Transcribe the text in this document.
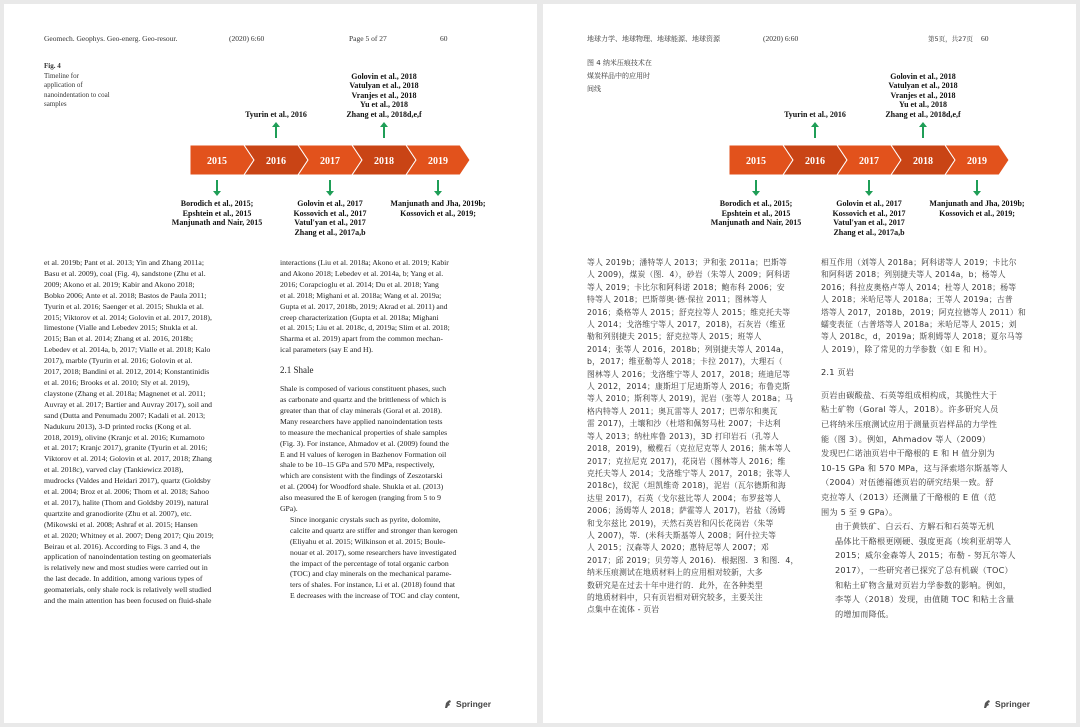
Geomech. Geophys. Geo-energ. Geo-resour.	(2020) 6:60	Page 5 of 27	60
Fig. 4
Timeline for
application of
nanoindentation to coal
samples
2015	2016	2017	2018	2019
Tyurin et al., 2016
Golovin et al., 2018
Vatulyan et al., 2018
Vranjes et al., 2018
Yu et al., 2018
Zhang et al., 2018d,e,f
Borodich et al., 2015;
Epshtein et al., 2015
Manjunath and Nair, 2015
Golovin et al., 2017
Kossovich et al., 2017
Vatul'yan et al., 2017
Zhang et al., 2017a,b
Manjunath and Jha, 2019b;
Kossovich et al., 2019;
et al. 2019b; Pant et al. 2013; Yin and Zhang 2011a;
Basu et al. 2009), coal (Fig. 4), sandstone (Zhu et al.
2009; Akono et al. 2019; Kabir and Akono 2018;
Bobko 2006; Ante et al. 2018; Bastos de Paula 2011;
Tyurin et al. 2016; Saenger et al. 2015; Shukla et al.
2015; Viktorov et al. 2014; Golovin et al. 2017, 2018),
limestone (Vialle and Lebedev 2015; Shukla et al.
2015; Ban et al. 2014; Zhang et al. 2016, 2018b;
Lebedev et al. 2014a, b, 2017; Vialle et al. 2018; Kalo
2017), marble (Tyurin et al. 2016; Golovin et al.
2017, 2018; Bandini et al. 2012, 2014; Konstantinidis
et al. 2016; Brooks et al. 2010; Sly et al. 2019),
claystone (Zhang et al. 2018a; Magnenet et al. 2011;
Auvray et al. 2017; Bartier and Auvray 2017), soil and
sand (Dutta and Penumadu 2007; Kadali et al. 2013;
Nadukuru 2013), 3-D printed rocks (Kong et al.
2018, 2019), olivine (Kranjc et al. 2016; Kumamoto
et al. 2017; Kranjc 2017), granite (Tyurin et al. 2016;
Viktorov et al. 2014; Golovin et al. 2017, 2018; Zhang
et al. 2018c), varved clay (Tankiewicz 2018),
mudrocks (Valdes and Heidari 2017), quartz (Goldsby
et al. 2004; Broz et al. 2006; Thom et al. 2018; Sahoo
et al. 2017), halite (Thom and Goldsby 2019), natural
quartzite and granodiorite (Zhu et al. 2007), etc.
(Mikowski et al. 2008; Ashraf et al. 2015; Hansen
et al. 2020; Whitney et al. 2007; Deng 2017; Qiu 2019;
Beirau et al. 2016). According to Figs. 3 and 4, the
application of nanoindentation testing on geomaterials
is relatively new and most studies were carried out in
the last decade. In addition, among various types of
geomaterials, only shale rock is relatively well studied
and the main attention has been focused on fluid-shale
interactions (Liu et al. 2018a; Akono et al. 2019; Kabir
and Akono 2018; Lebedev et al. 2014a, b; Yang et al.
2016; Corapcioglu et al. 2014; Du et al. 2018; Yang
et al. 2018; Mighani et al. 2018a; Wang et al. 2019a;
Gupta et al. 2017, 2018b, 2019; Akrad et al. 2011) and
creep characterization (Gupta et al. 2018a; Mighani
et al. 2015; Liu et al. 2018c, d, 2019a; Slim et al. 2018;
Sharma et al. 2019) apart from the common mechan-
ical parameters (say E and H).
2.1 Shale
Shale is composed of various constituent phases, such
as carbonate and quartz and the brittleness of which is
greater than that of clay minerals (Goral et al. 2018).
Many researchers have applied nanoindentation tests
to measure the mechanical properties of shale samples
(Fig. 3). For instance, Ahmadov et al. (2009) found the
E and H values of kerogen in Bazhenov Formation oil
shale to be 10–15 GPa and 570 MPa, respectively,
which are consistent with the findings of Zeszotarski
et al. (2004) for Woodford shale. Shukla et al. (2013)
also measured the E of kerogen (ranging from 5 to 9
GPa).
Since inorganic crystals such as pyrite, dolomite,
calcite and quartz are stiffer and stronger than kerogen
(Eliyahu et al. 2015; Wilkinson et al. 2015; Boule-
nouar et al. 2017), some researchers have investigated
the impact of the percentage of total organic carbon
(TOC) and clay minerals on the mechanical parame-
ters of shales. For instance, Li et al. (2018) found that
E decreases with the increase of TOC and clay content,
Springer
地球力学、地球物理、地球能源、地球资源	(2020) 6:60	第5页，共27页 60
图 4 纳米压痕技术在
煤炭样品中的应用时
间线
2015	2016	2017	2018	2019
Tyurin et al., 2016
Golovin et al., 2018
Vatulyan et al., 2018
Vranjes et al., 2018
Yu et al., 2018
Zhang et al., 2018d,e,f
Borodich et al., 2015;
Epshtein et al., 2015
Manjunath and Nair, 2015
Golovin et al., 2017
Kossovich et al., 2017
Vatul'yan et al., 2017
Zhang et al., 2017a,b
Manjunath and Jha, 2019b;
Kossovich et al., 2019;
等人 2019b；潘特等人 2013；尹和张 2011a；巴斯等
人 2009)，煤炭（图．4），砂岩（朱等人 2009；阿科诺
等人 2019；卡比尔和阿科诺 2018；鲍布科 2006；安
特等人 2018；巴斯蒂奥·德·保拉 2011；图林等人
2016；桑格等人 2015；舒克拉等人 2015；维克托夫等
人 2014；戈洛维宁等人 2017，2018)，石灰岩（维亚
勒和列别捷夫 2015；舒克拉等人 2015；班等人
2014；张等人 2016，2018b；列别捷夫等人 2014a，
b，2017；维亚勒等人 2018；卡拉 2017)，大理石（
图林等人 2016；戈洛维宁等人 2017，2018；班迪尼等
人 2012，2014；康斯坦丁尼迪斯等人 2016；布鲁克斯
等人 2010；斯利等人 2019)，泥岩（张等人 2018a；马
格内特等人 2011；奥瓦雷等人 2017；巴蒂尔和奥瓦
雷 2017)，土壤和沙（杜塔和佩努马杜 2007；卡达利
等人 2013；纳杜库鲁 2013)，3D 打印岩石（孔等人
2018，2019)，橄榄石（克拉尼克等人 2016；熊本等人
2017；克拉尼克 2017)，花岗岩（图林等人 2016；维
克托夫等人 2014；戈洛维宁等人 2017，2018；张等人
2018c)，纹泥（坦凯维奇 2018)，泥岩（瓦尔德斯和海
达里 2017)，石英（戈尔兹比等人 2004；布罗兹等人
2006；汤姆等人 2018；萨霍等人 2017)，岩盐（汤姆
和戈尔兹比 2019)，天然石英岩和闪长花岗岩（朱等
人 2007)，等．(米科夫斯基等人 2008；阿什拉夫等
人 2015；汉森等人 2020；惠特尼等人 2007；邓
2017；邱 2019；贝劳等人 2016)．根据图．3 和图．4，
纳米压痕测试在地质材料上的应用相对较新，大多
数研究是在过去十年中进行的．此外，在各种类型
的地质材料中，只有页岩相对研究较多，主要关注
点集中在流体 - 页岩
相互作用（刘等人 2018a；阿科诺等人 2019；卡比尔
和阿科诺 2018；列别捷夫等人 2014a，b；杨等人
2016；科拉皮奥格卢等人 2014；杜等人 2018；杨等
人 2018；米哈尼等人 2018a；王等人 2019a；古普
塔等人 2017，2018b，2019；阿克拉德等人 2011）和
蠕变表征（古普塔等人 2018a；米哈尼等人 2015；刘
等人 2018c，d，2019a；斯利姆等人 2018；夏尔马等
人 2019），除了常见的力学参数（如 E 和 H）。
2.1 页岩
页岩由碳酸盐、石英等组成相构成，其脆性大于
粘土矿物（Goral 等人，2018）。许多研究人员
已将纳米压痕测试应用于测量页岩样品的力学性
能（图 3）。例如，Ahmadov 等人（2009）
发现巴仁诺油页岩中干酪根的 E 和 H 值分别为
10-15 GPa 和 570 MPa，这与泽索塔尔斯基等人
（2004）对伍德福德页岩的研究结果一致。舒
克拉等人（2013）还测量了干酪根的 E 值（范
围为 5 至 9 GPa）。
由于黄铁矿、白云石、方解石和石英等无机
晶体比干酪根更刚硬、强度更高（埃利亚胡等人
2015；威尔金森等人 2015；布勒 - 努瓦尔等人
2017），一些研究者已探究了总有机碳（TOC）
和粘土矿物含量对页岩力学参数的影响。例如，
李等人（2018）发现，由值随 TOC 和粘土含量
的增加而降低。
Springer
